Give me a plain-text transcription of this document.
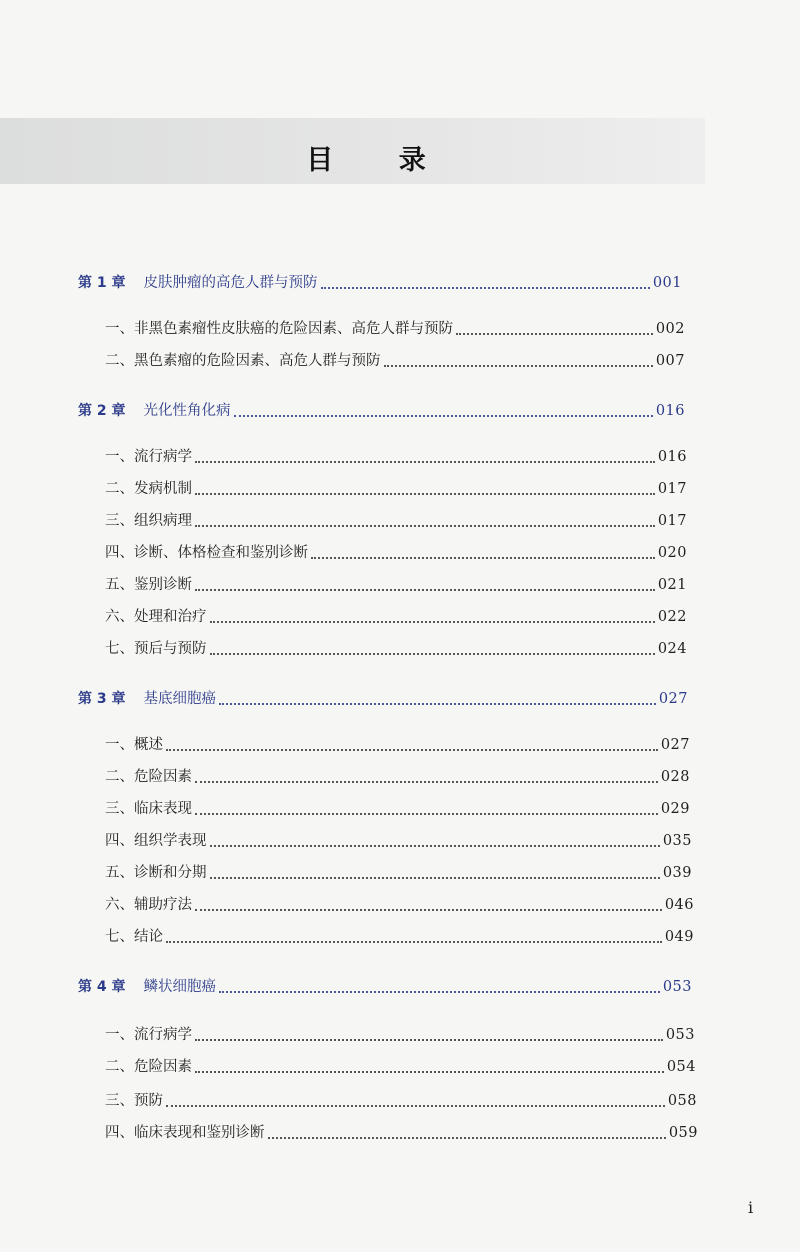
目 录
第 1 章 皮肤肿瘤的高危人群与预防	001
一、非黑色素瘤性皮肤癌的危险因素、高危人群与预防	002
二、黑色素瘤的危险因素、高危人群与预防	007
第 2 章 光化性角化病	016
一、流行病学	016
二、发病机制	017
三、组织病理	017
四、诊断、体格检查和鉴别诊断	020
五、鉴别诊断	021
六、处理和治疗	022
七、预后与预防	024
第 3 章 基底细胞癌	027
一、概述	027
二、危险因素	028
三、临床表现	029
四、组织学表现	035
五、诊断和分期	039
六、辅助疗法	046
七、结论	049
第 4 章 鳞状细胞癌	053
一、流行病学	053
二、危险因素	054
三、预防	058
四、临床表现和鉴别诊断	059
i
